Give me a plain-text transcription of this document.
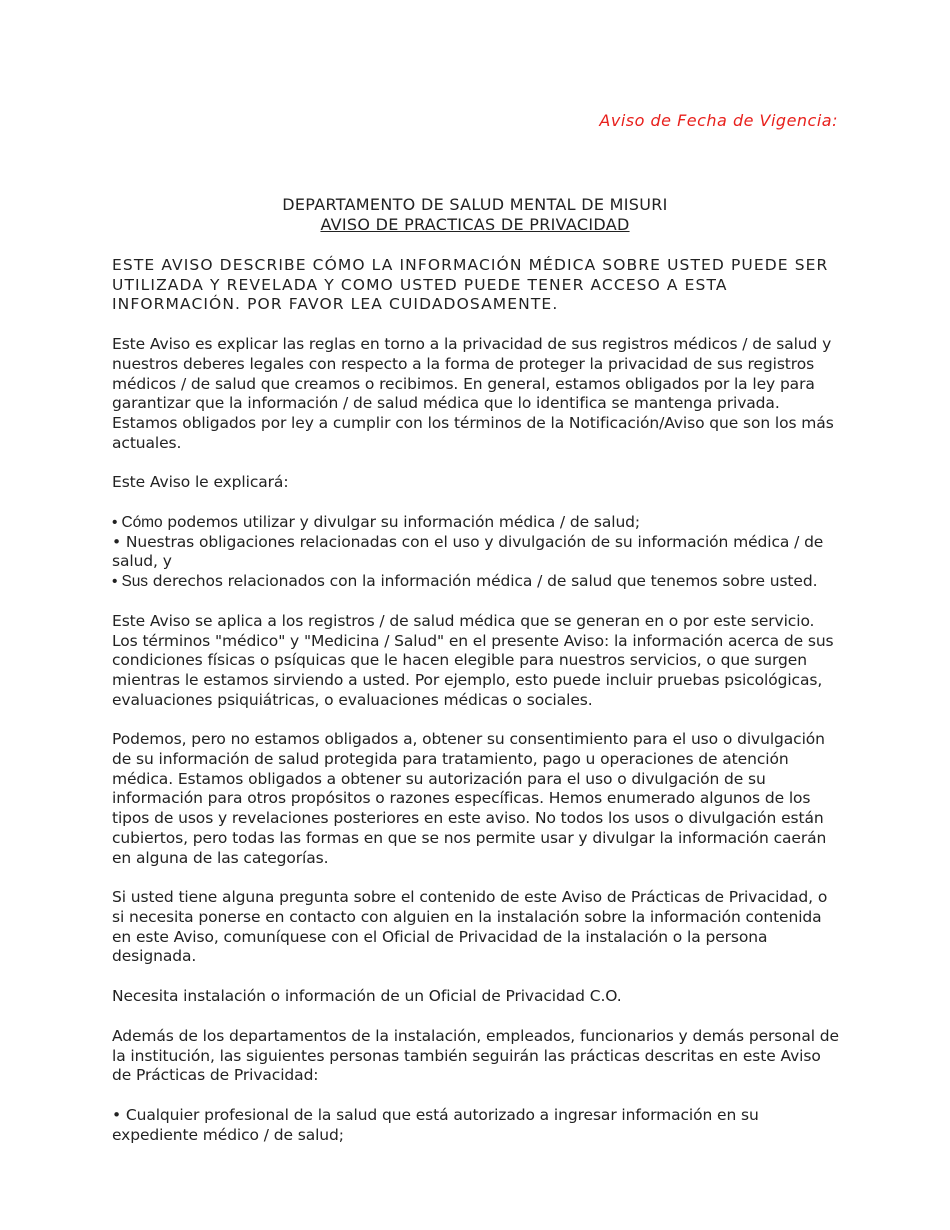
Aviso de Fecha de Vigencia:
DEPARTAMENTO DE SALUD MENTAL DE MISURI
AVISO DE PRACTICAS DE PRIVACIDAD
ESTE AVISO DESCRIBE CÓMO LA INFORMACIÓN MÉDICA SOBRE USTED PUEDE SER UTILIZADA Y REVELADA Y COMO USTED PUEDE TENER ACCESO A ESTA INFORMACIÓN. POR FAVOR LEA CUIDADOSAMENTE.

Este Aviso es explicar las reglas en torno a la privacidad de sus registros médicos / de salud y nuestros deberes legales con respecto a la forma de proteger la privacidad de sus registros médicos / de salud que creamos o recibimos. En general, estamos obligados por la ley para garantizar que la información / de salud médica que lo identifica se mantenga privada. Estamos obligados por ley a cumplir con los términos de la Notificación/Aviso que son los más actuales.

Este Aviso le explicará:

• Cómo podemos utilizar y divulgar su información médica / de salud;
• Nuestras obligaciones relacionadas con el uso y divulgación de su información médica / de salud, y
• Sus derechos relacionados con la información médica / de salud que tenemos sobre usted.

Este Aviso se aplica a los registros / de salud médica que se generan en o por este servicio. Los términos "médico" y "Medicina / Salud" en el presente Aviso: la información acerca de sus condiciones físicas o psíquicas que le hacen elegible para nuestros servicios, o que surgen mientras le estamos sirviendo a usted. Por ejemplo, esto puede incluir pruebas psicológicas, evaluaciones psiquiátricas, o evaluaciones médicas o sociales.

Podemos, pero no estamos obligados a, obtener su consentimiento para el uso o divulgación de su información de salud protegida para tratamiento, pago u operaciones de atención médica. Estamos obligados a obtener su autorización para el uso o divulgación de su información para otros propósitos o razones específicas. Hemos enumerado algunos de los tipos de usos y revelaciones posteriores en este aviso. No todos los usos o divulgación están cubiertos, pero todas las formas en que se nos permite usar y divulgar la información caerán en alguna de las categorías.

Si usted tiene alguna pregunta sobre el contenido de este Aviso de Prácticas de Privacidad, o si necesita ponerse en contacto con alguien en la instalación sobre la información contenida en este Aviso, comuníquese con el Oficial de Privacidad de la instalación o la persona designada.

Necesita instalación o información de un Oficial de Privacidad C.O.

Además de los departamentos de la instalación, empleados, funcionarios y demás personal de la institución, las siguientes personas también seguirán las prácticas descritas en este Aviso de Prácticas de Privacidad:

• Cualquier profesional de la salud que está autorizado a ingresar información en su expediente médico / de salud;
